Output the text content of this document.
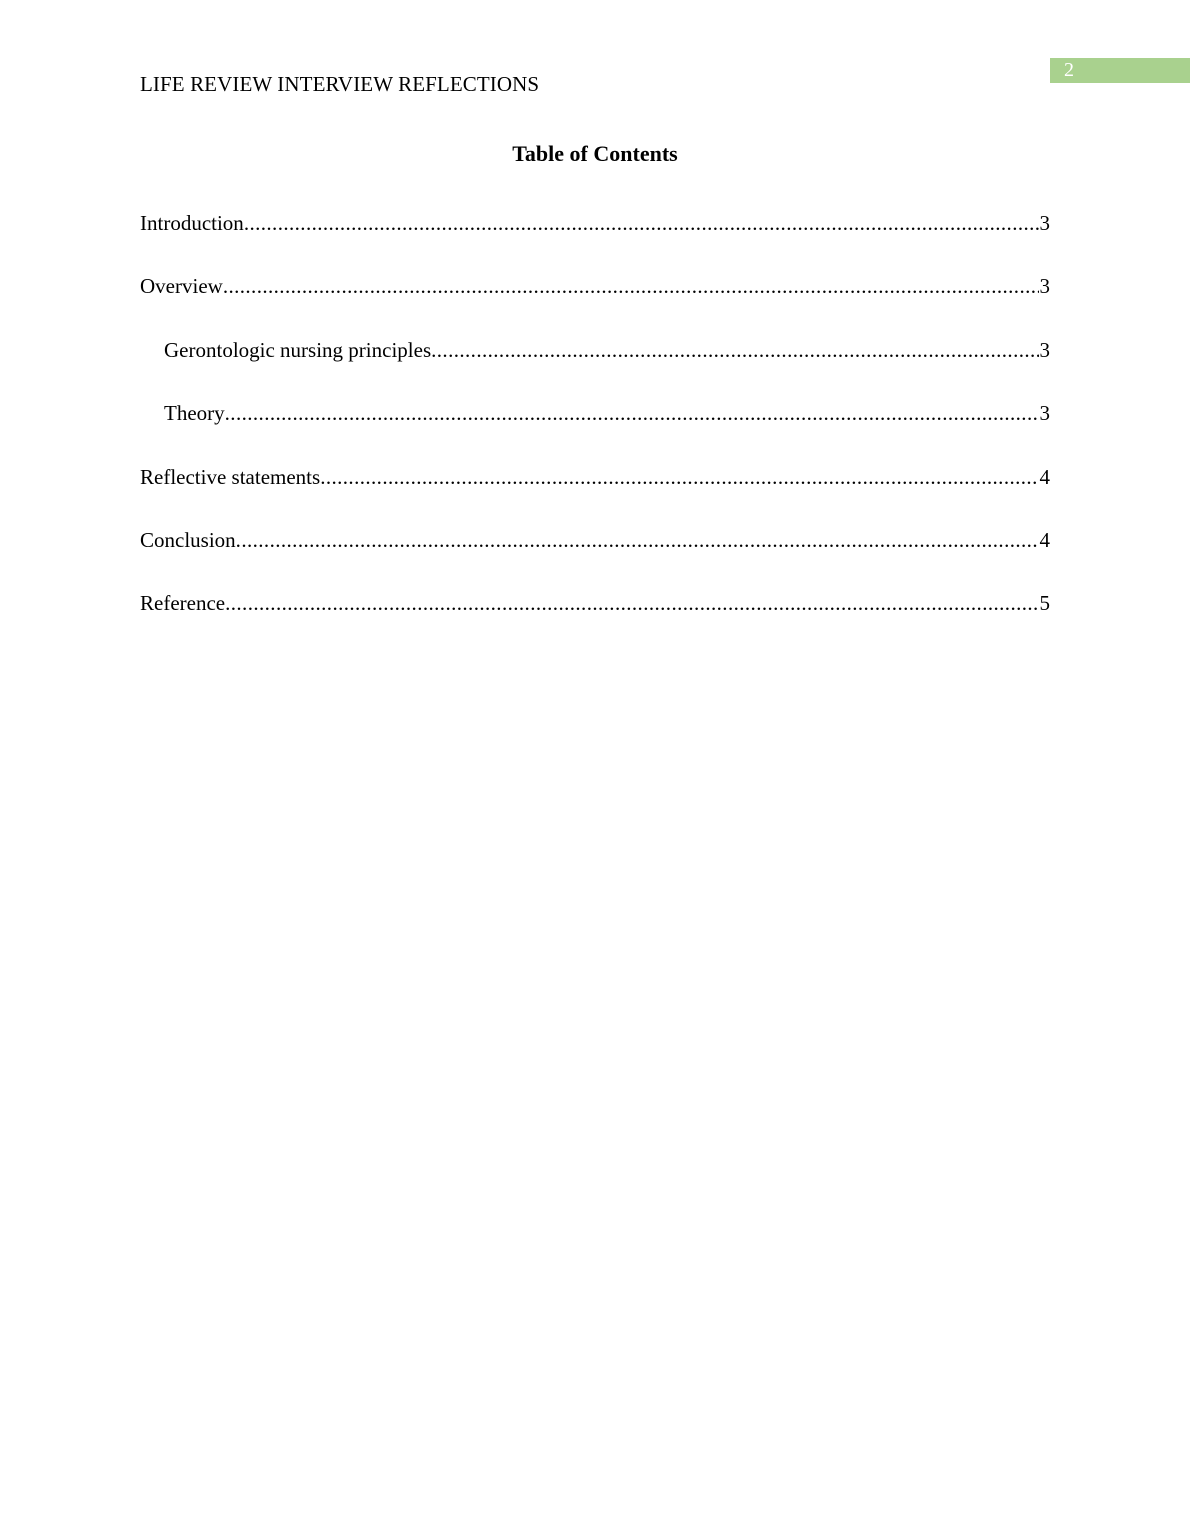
LIFE REVIEW INTERVIEW REFLECTIONS
2
Table of Contents
Introduction .....	3
Overview .....	3
Gerontologic nursing principles .....	3
Theory .....	3
Reflective statements .....	4
Conclusion .....	4
Reference .....	5
